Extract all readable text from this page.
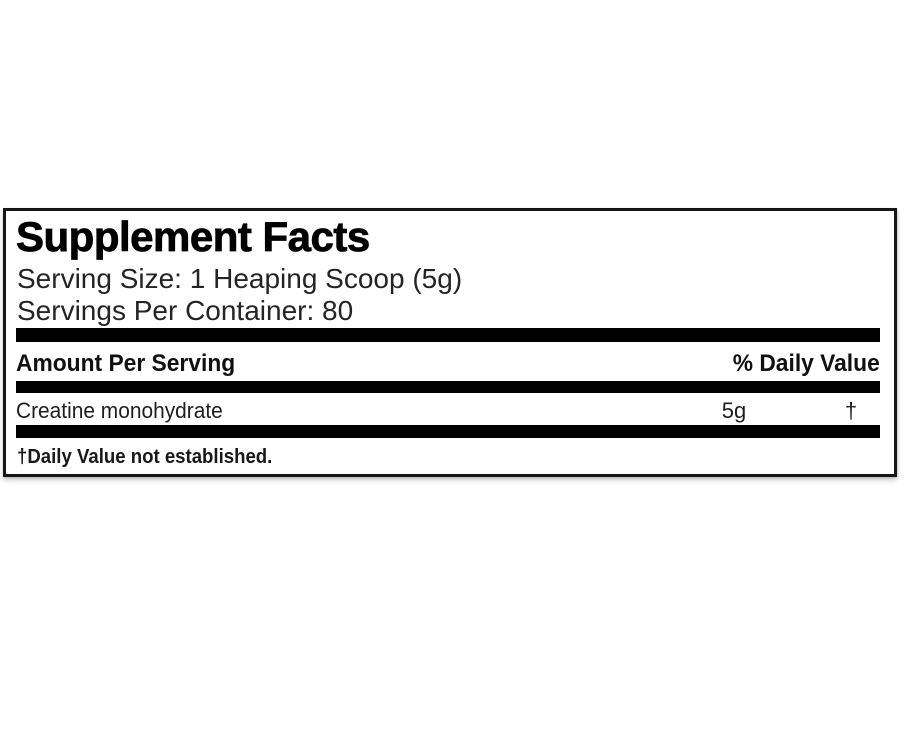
Supplement Facts
Serving Size: 1 Heaping Scoop (5g)
Servings Per Container: 80
Amount Per Serving	% Daily Value
Creatine monohydrate	5g	†
†Daily Value not established.
